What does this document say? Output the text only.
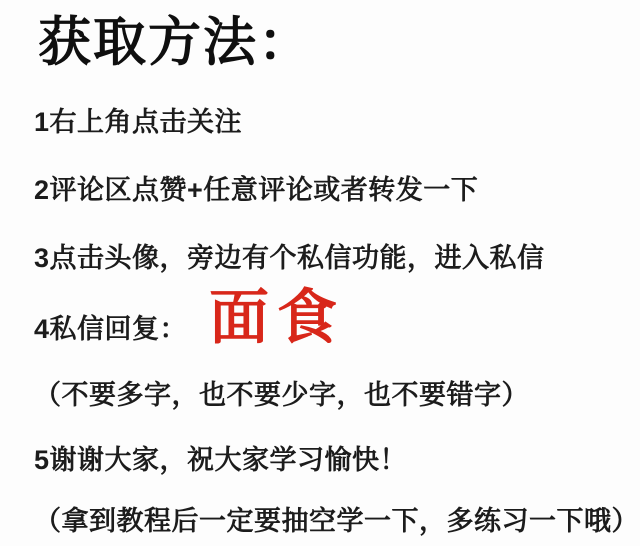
获取方法：
1右上角点击关注
2评论区点赞+任意评论或者转发一下
3点击头像，旁边有个私信功能，进入私信
4私信回复： 面食
（不要多字，也不要少字，也不要错字）
5谢谢大家，祝大家学习愉快！
（拿到教程后一定要抽空学一下，多练习一下哦）
